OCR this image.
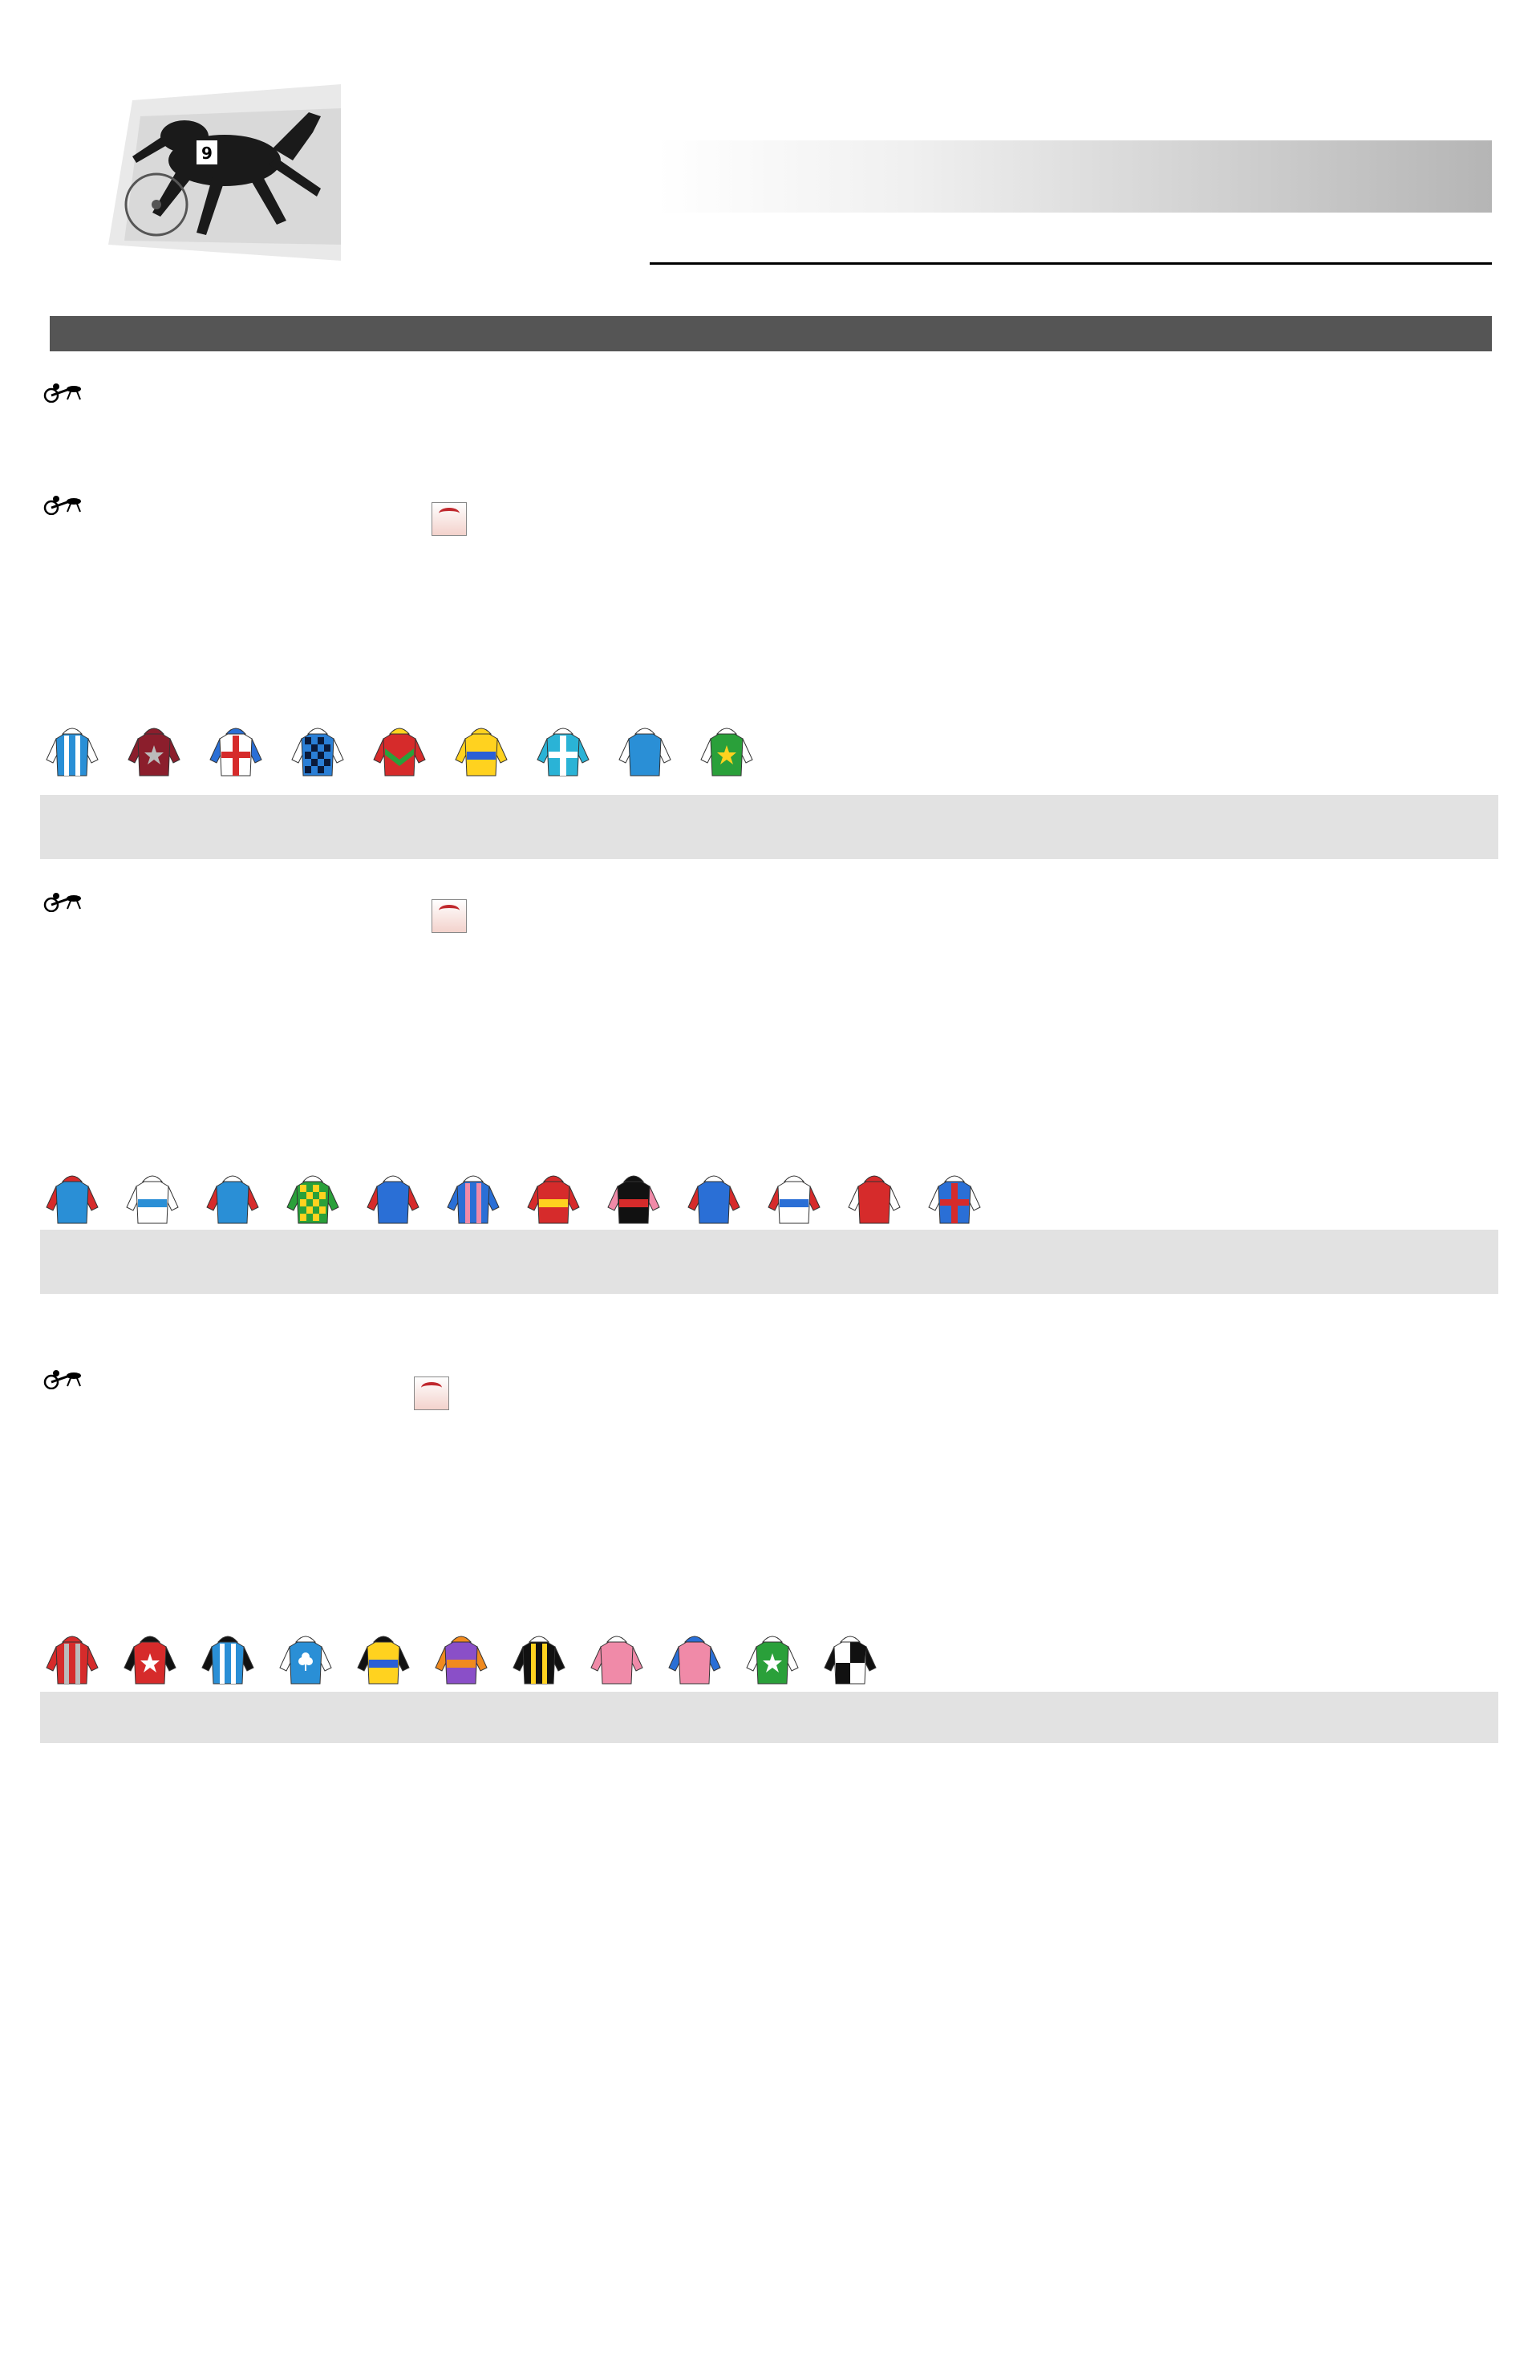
9
